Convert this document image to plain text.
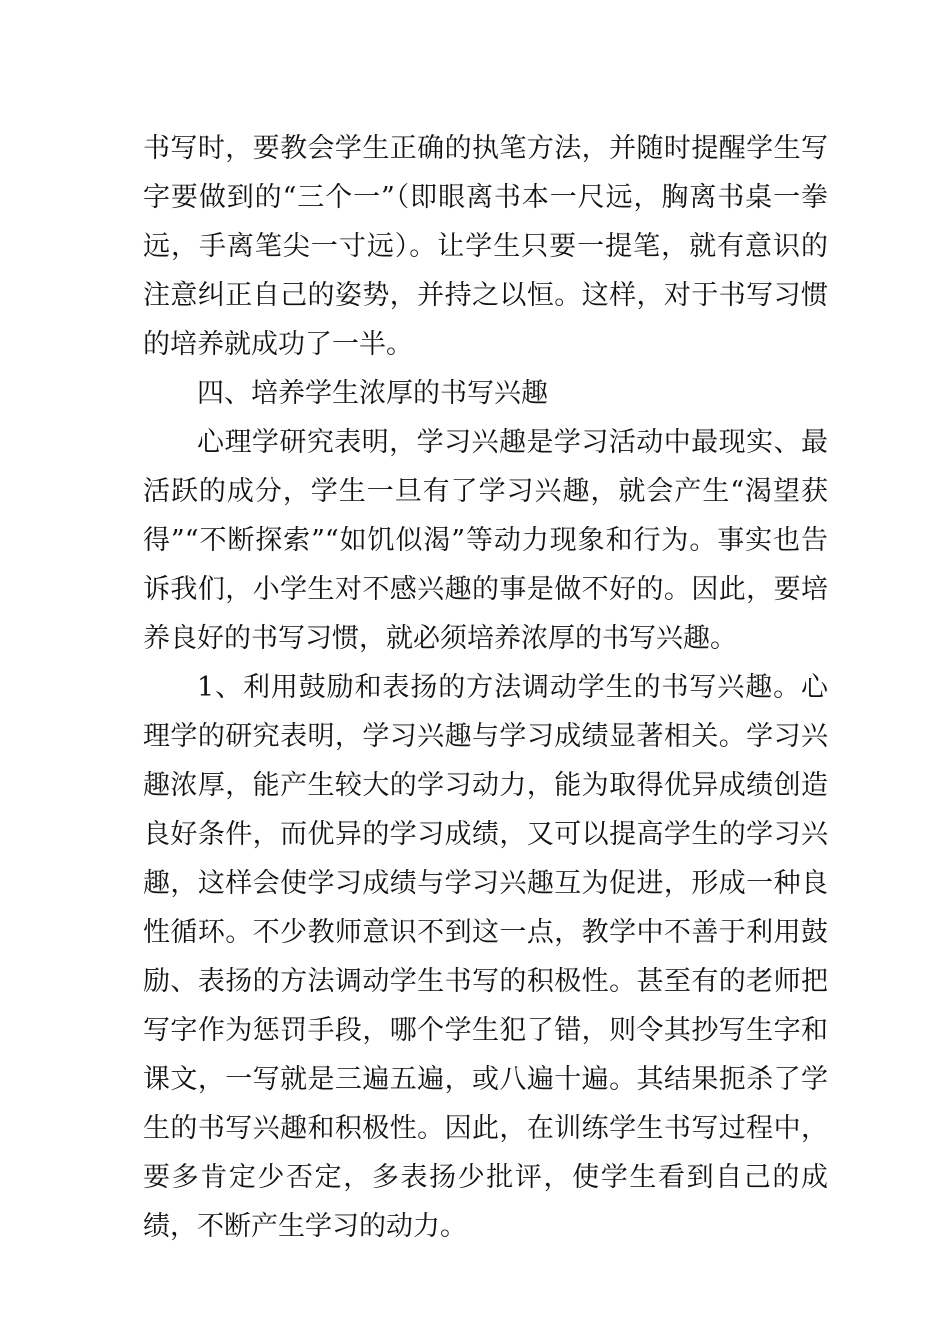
书写时，要教会学生正确的执笔方法，并随时提醒学生写字要做到的“三个一”（即眼离书本一尺远，胸离书桌一拳远，手离笔尖一寸远）。让学生只要一提笔，就有意识的注意纠正自己的姿势，并持之以恒。这样，对于书写习惯的培养就成功了一半。

四、培养学生浓厚的书写兴趣

心理学研究表明，学习兴趣是学习活动中最现实、最活跃的成分，学生一旦有了学习兴趣，就会产生“渴望获得”“不断探索”“如饥似渴”等动力现象和行为。事实也告诉我们，小学生对不感兴趣的事是做不好的。因此，要培养良好的书写习惯，就必须培养浓厚的书写兴趣。

1、利用鼓励和表扬的方法调动学生的书写兴趣。心理学的研究表明，学习兴趣与学习成绩显著相关。学习兴趣浓厚，能产生较大的学习动力，能为取得优异成绩创造良好条件，而优异的学习成绩，又可以提高学生的学习兴趣，这样会使学习成绩与学习兴趣互为促进，形成一种良性循环。不少教师意识不到这一点，教学中不善于利用鼓励、表扬的方法调动学生书写的积极性。甚至有的老师把写字作为惩罚手段，哪个学生犯了错，则令其抄写生字和课文，一写就是三遍五遍，或八遍十遍。其结果扼杀了学生的书写兴趣和积极性。因此，在训练学生书写过程中，要多肯定少否定，多表扬少批评，使学生看到自己的成绩，不断产生学习的动力。
